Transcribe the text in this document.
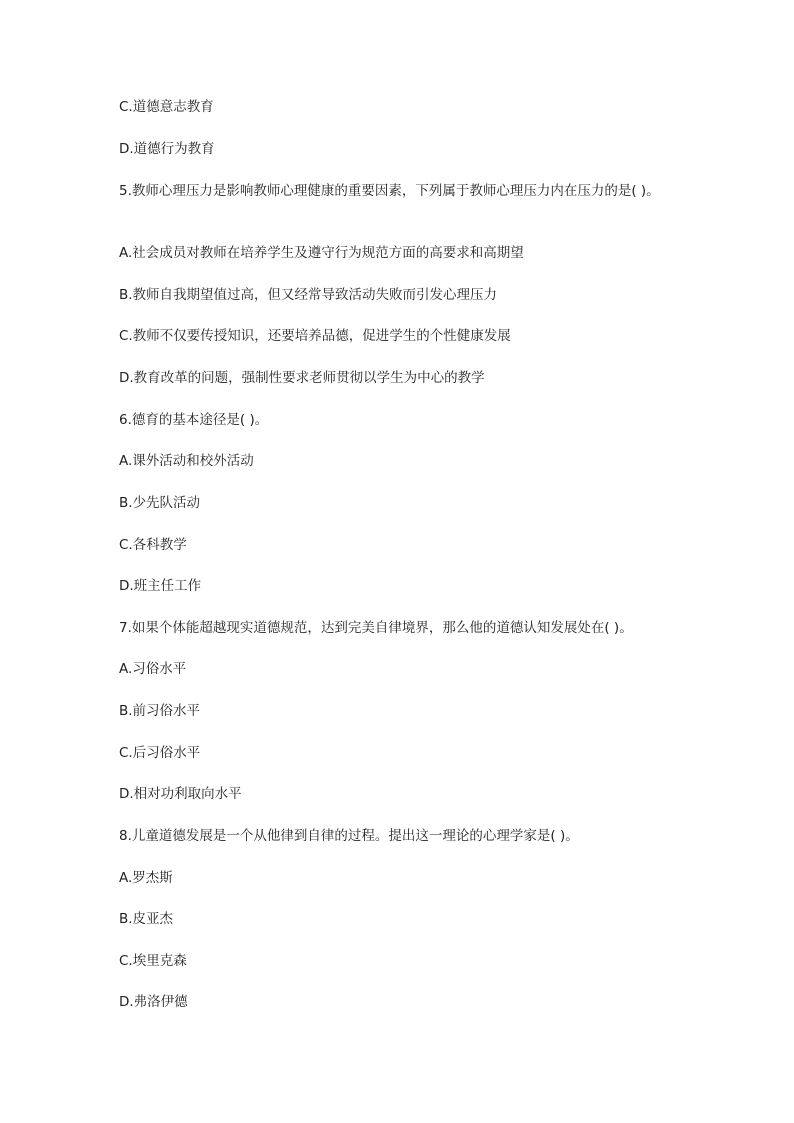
C.道德意志教育
D.道德行为教育
5.教师心理压力是影响教师心理健康的重要因素，下列属于教师心理压力内在压力的是( )。
A.社会成员对教师在培养学生及遵守行为规范方面的高要求和高期望
B.教师自我期望值过高，但又经常导致活动失败而引发心理压力
C.教师不仅要传授知识，还要培养品德，促进学生的个性健康发展
D.教育改革的问题，强制性要求老师贯彻以学生为中心的教学
6.德育的基本途径是( )。
A.课外活动和校外活动
B.少先队活动
C.各科教学
D.班主任工作
7.如果个体能超越现实道德规范，达到完美自律境界，那么他的道德认知发展处在( )。
A.习俗水平
B.前习俗水平
C.后习俗水平
D.相对功利取向水平
8.儿童道德发展是一个从他律到自律的过程。提出这一理论的心理学家是( )。
A.罗杰斯
B.皮亚杰
C.埃里克森
D.弗洛伊德
